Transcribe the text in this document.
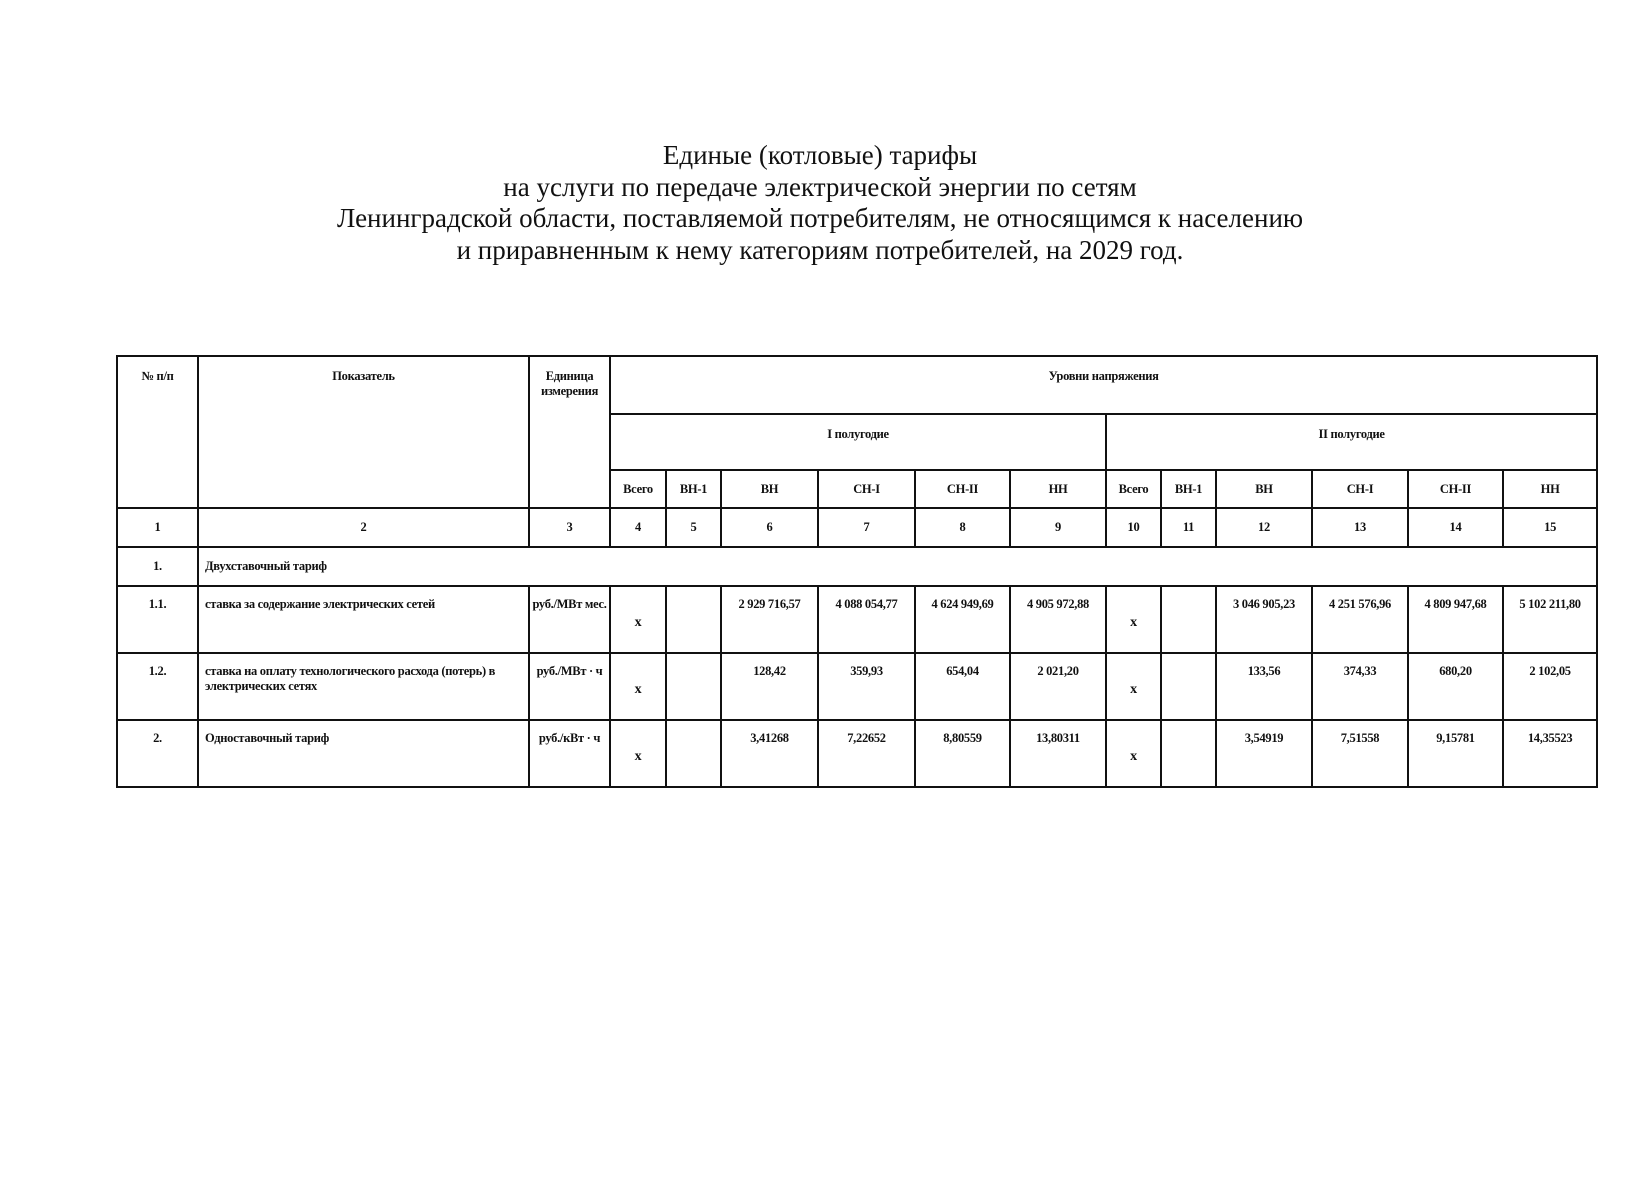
Единые (котловые) тарифы
на услуги по передаче электрической энергии по сетям
Ленинградской области, поставляемой потребителям, не относящимся к населению
и приравненным к нему категориям потребителей, на 2029 год.
№ п/п	Показатель	Единица измерения	Уровни напряжения											
			I полугодие						II полугодие					
			Всего	ВН-1	ВН	СН-I	СН-II	НН	Всего	ВН-1	ВН	СН-I	СН-II	НН
1	2	3	4	5	6	7	8	9	10	11	12	13	14	15
1.	Двухставочный тариф													
1.1.	ставка за содержание электрических сетей	руб./МВт мес.	х		2 929 716,57	4 088 054,77	4 624 949,69	4 905 972,88	х		3 046 905,23	4 251 576,96	4 809 947,68	5 102 211,80
1.2.	ставка на оплату технологического расхода (потерь) в электрических сетях	руб./МВт · ч	х		128,42	359,93	654,04	2 021,20	х		133,56	374,33	680,20	2 102,05
2.	Одноставочный тариф	руб./кВт · ч	х		3,41268	7,22652	8,80559	13,80311	х		3,54919	7,51558	9,15781	14,35523
